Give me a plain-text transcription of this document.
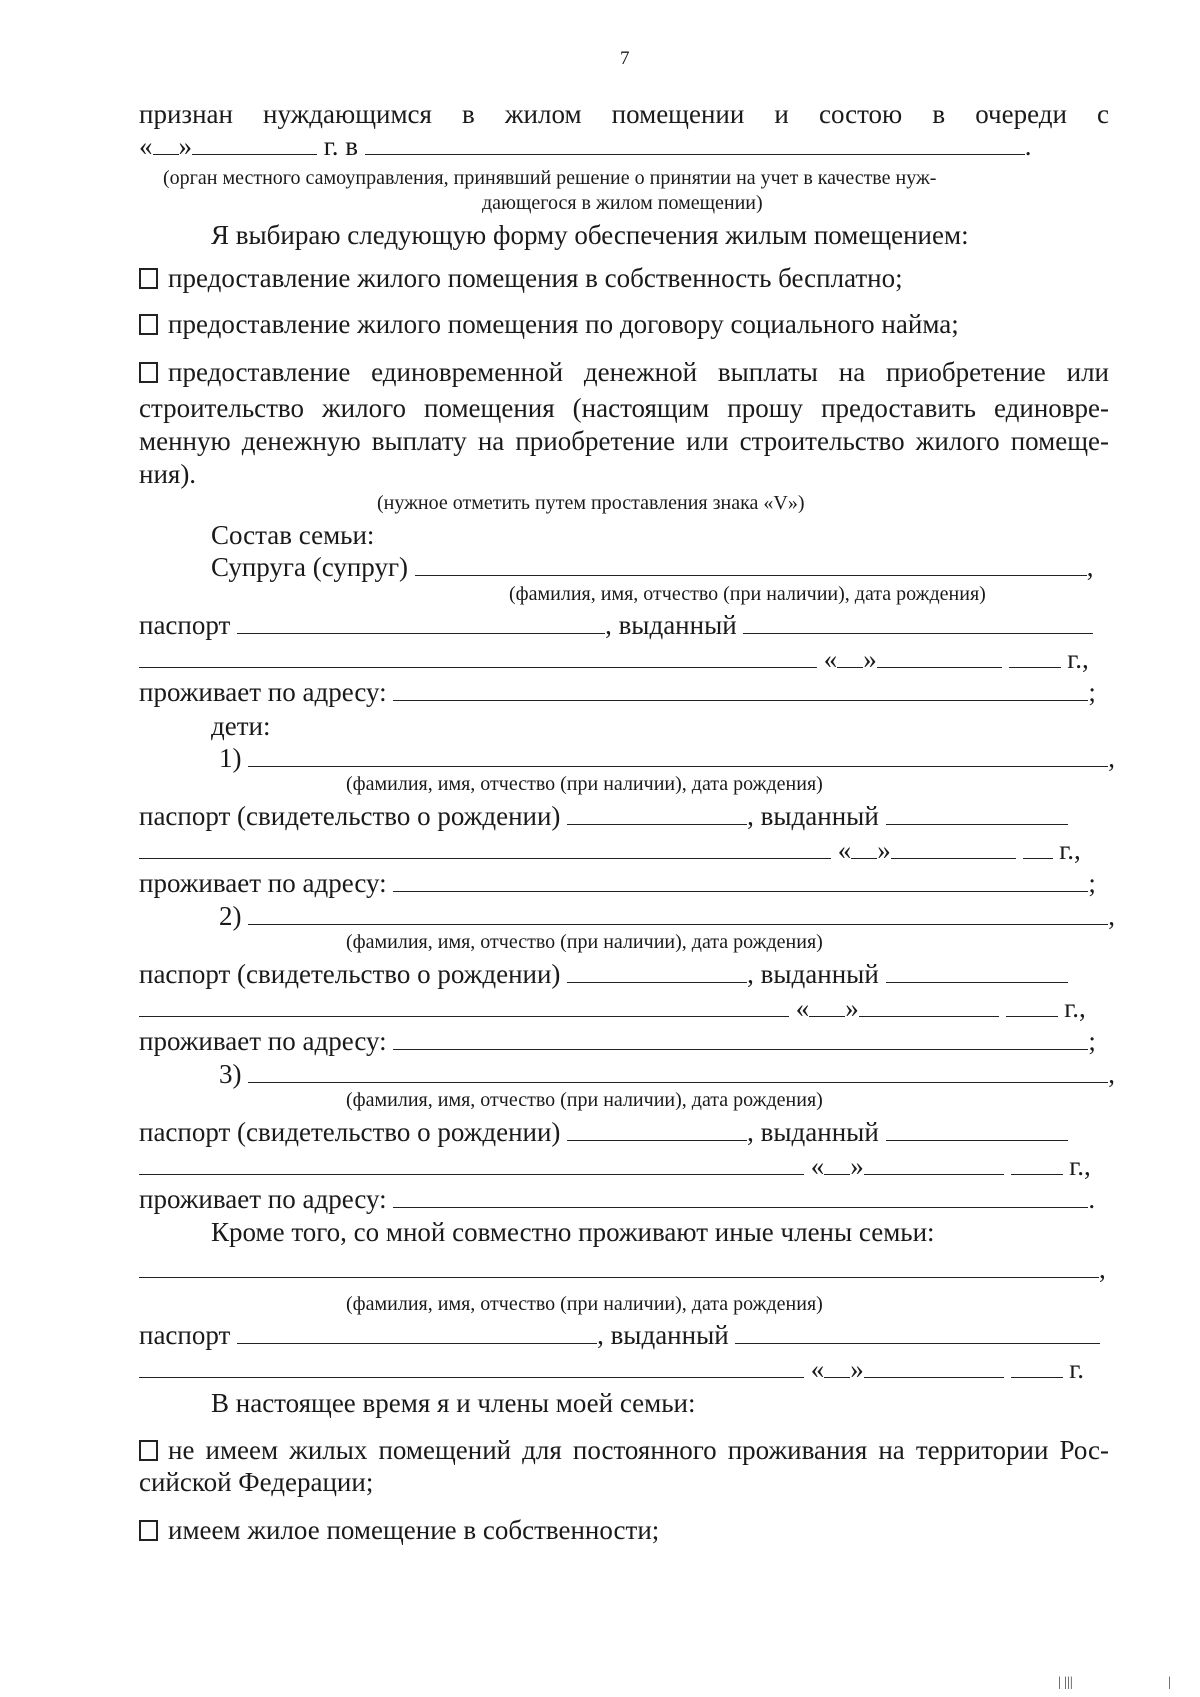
7
признан нуждающимся в жилом помещении и состою в очереди с
« »	г. в	.
(орган местного самоуправления, принявший решение о принятии на учет в качестве нуж-
дающегося в жилом помещении)
Я выбираю следующую форму обеспечения жилым помещением:
предоставление жилого помещения в собственность бесплатно;
предоставление жилого помещения по договору социального найма;
предоставление единовременной денежной выплаты на приобретение или
строительство жилого помещения (настоящим прошу предоставить единовре-
менную денежную выплату на приобретение или строительство жилого помеще-
ния).
(нужное отметить путем проставления знака «V»)
Состав семьи:
Супруга (супруг)	,
(фамилия, имя, отчество (при наличии), дата рождения)
паспорт	, выданный
« »	г.,
проживает по адресу:	;
дети:
1)	,
(фамилия, имя, отчество (при наличии), дата рождения)
паспорт (свидетельство о рождении)	, выданный
« »	г.,
проживает по адресу:	;
2)	,
(фамилия, имя, отчество (при наличии), дата рождения)
паспорт (свидетельство о рождении)	, выданный
« »	г.,
проживает по адресу:	;
3)	,
(фамилия, имя, отчество (при наличии), дата рождения)
паспорт (свидетельство о рождении)	, выданный
« »	г.,
проживает по адресу:	.
Кроме того, со мной совместно проживают иные члены семьи:
,
(фамилия, имя, отчество (при наличии), дата рождения)
паспорт	, выданный
« »	г.
В настоящее время я и члены моей семьи:
не имеем жилых помещений для постоянного проживания на территории Рос-
сийской Федерации;
имеем жилое помещение в собственности;
| |||	|
